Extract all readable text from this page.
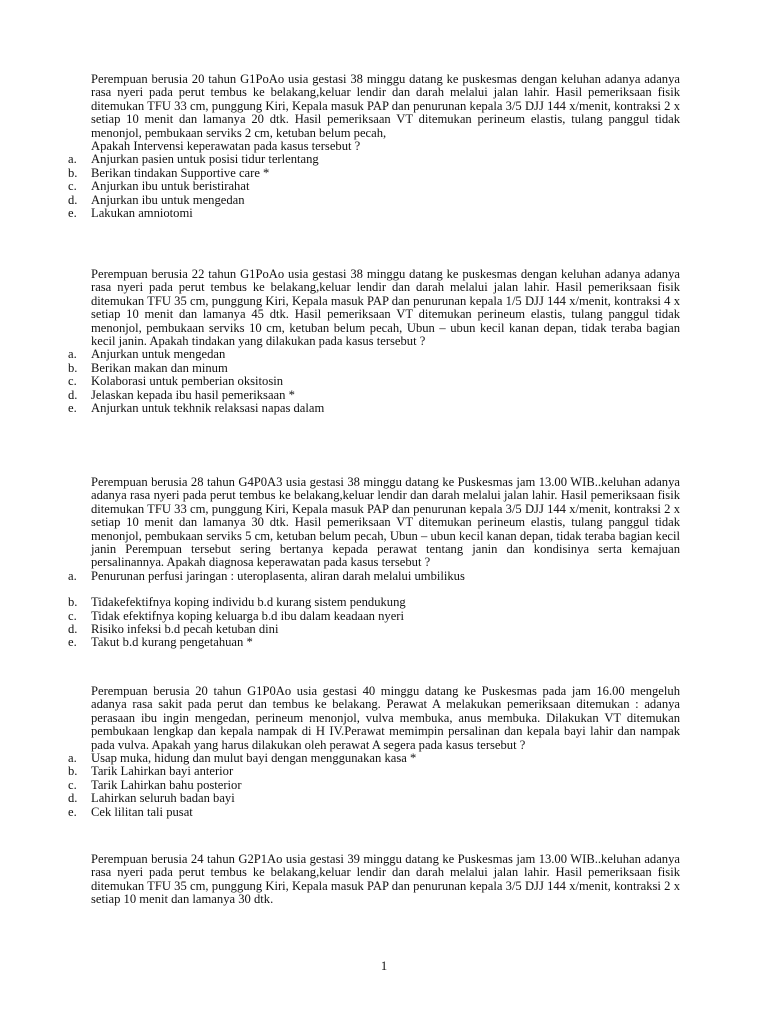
Perempuan berusia 20 tahun G1PoAo usia gestasi 38 minggu datang ke puskesmas dengan keluhan adanya adanya rasa nyeri pada perut tembus ke belakang,keluar lendir dan darah melalui jalan lahir. Hasil pemeriksaan fisik ditemukan TFU 33 cm, punggung Kiri, Kepala masuk PAP dan penurunan kepala 3/5 DJJ 144 x/menit, kontraksi 2 x setiap 10 menit dan lamanya 20 dtk. Hasil pemeriksaan VT ditemukan perineum elastis, tulang panggul tidak menonjol, pembukaan serviks 2 cm, ketuban belum pecah,
Apakah Intervensi keperawatan pada kasus tersebut ?
a.	Anjurkan pasien untuk posisi tidur terlentang
b.	Berikan tindakan Supportive care *
c.	Anjurkan ibu untuk beristirahat
d.	Anjurkan ibu untuk mengedan
e.	Lakukan amniotomi
Perempuan berusia 22 tahun G1PoAo usia gestasi 38 minggu datang ke puskesmas dengan keluhan adanya adanya rasa nyeri pada perut tembus ke belakang,keluar lendir dan darah melalui jalan lahir. Hasil pemeriksaan fisik ditemukan TFU 35 cm, punggung Kiri, Kepala masuk PAP dan penurunan kepala 1/5 DJJ 144 x/menit, kontraksi 4 x setiap 10 menit dan lamanya 45 dtk. Hasil pemeriksaan VT ditemukan perineum elastis, tulang panggul tidak menonjol, pembukaan serviks 10 cm, ketuban belum pecah, Ubun – ubun kecil kanan depan, tidak teraba bagian kecil janin. Apakah tindakan yang dilakukan pada kasus tersebut ?
a.	Anjurkan untuk mengedan
b.	Berikan makan dan minum
c.	Kolaborasi untuk pemberian oksitosin
d.	Jelaskan kepada ibu hasil pemeriksaan *
e.	Anjurkan untuk tekhnik relaksasi napas dalam
Perempuan berusia 28 tahun G4P0A3 usia gestasi 38 minggu datang ke Puskesmas jam 13.00 WIB..keluhan adanya adanya rasa nyeri pada perut tembus ke belakang,keluar lendir dan darah melalui jalan lahir. Hasil pemeriksaan fisik ditemukan TFU 33 cm, punggung Kiri, Kepala masuk PAP dan penurunan kepala 3/5 DJJ 144 x/menit, kontraksi 2 x setiap 10 menit dan lamanya 30 dtk. Hasil pemeriksaan VT ditemukan perineum elastis, tulang panggul tidak menonjol, pembukaan serviks 5 cm, ketuban belum pecah, Ubun – ubun kecil kanan depan, tidak teraba bagian kecil janin Perempuan tersebut sering bertanya kepada perawat tentang janin dan kondisinya serta kemajuan persalinannya. Apakah diagnosa keperawatan pada kasus tersebut ?
a.	Penurunan perfusi jaringan : uteroplasenta, aliran darah melalui umbilikus
b.	Tidakefektifnya koping individu b.d kurang sistem pendukung
c.	Tidak efektifnya koping keluarga b.d ibu dalam keadaan nyeri
d.	Risiko infeksi b.d pecah ketuban dini
e.	Takut b.d kurang pengetahuan *
Perempuan berusia 20 tahun G1P0Ao usia gestasi 40 minggu datang ke Puskesmas pada jam 16.00 mengeluh adanya rasa sakit pada perut dan tembus ke belakang. Perawat A melakukan pemeriksaan ditemukan : adanya perasaan ibu ingin mengedan, perineum menonjol, vulva membuka, anus membuka. Dilakukan VT ditemukan pembukaan lengkap dan kepala nampak di H IV.Perawat memimpin persalinan dan kepala bayi lahir dan nampak pada vulva. Apakah yang harus dilakukan oleh perawat A segera pada kasus tersebut ?
a.	Usap muka, hidung dan mulut bayi dengan menggunakan kasa *
b.	Tarik Lahirkan bayi anterior
c.	Tarik Lahirkan bahu posterior
d.	Lahirkan seluruh badan bayi
e.	Cek lilitan tali pusat
Perempuan berusia 24 tahun G2P1Ao usia gestasi 39 minggu datang ke Puskesmas jam 13.00 WIB..keluhan adanya rasa nyeri pada perut tembus ke belakang,keluar lendir dan darah melalui jalan lahir. Hasil pemeriksaan fisik ditemukan TFU 35 cm, punggung Kiri, Kepala masuk PAP dan penurunan kepala 3/5 DJJ 144 x/menit, kontraksi 2 x setiap 10 menit dan lamanya 30 dtk.
1
